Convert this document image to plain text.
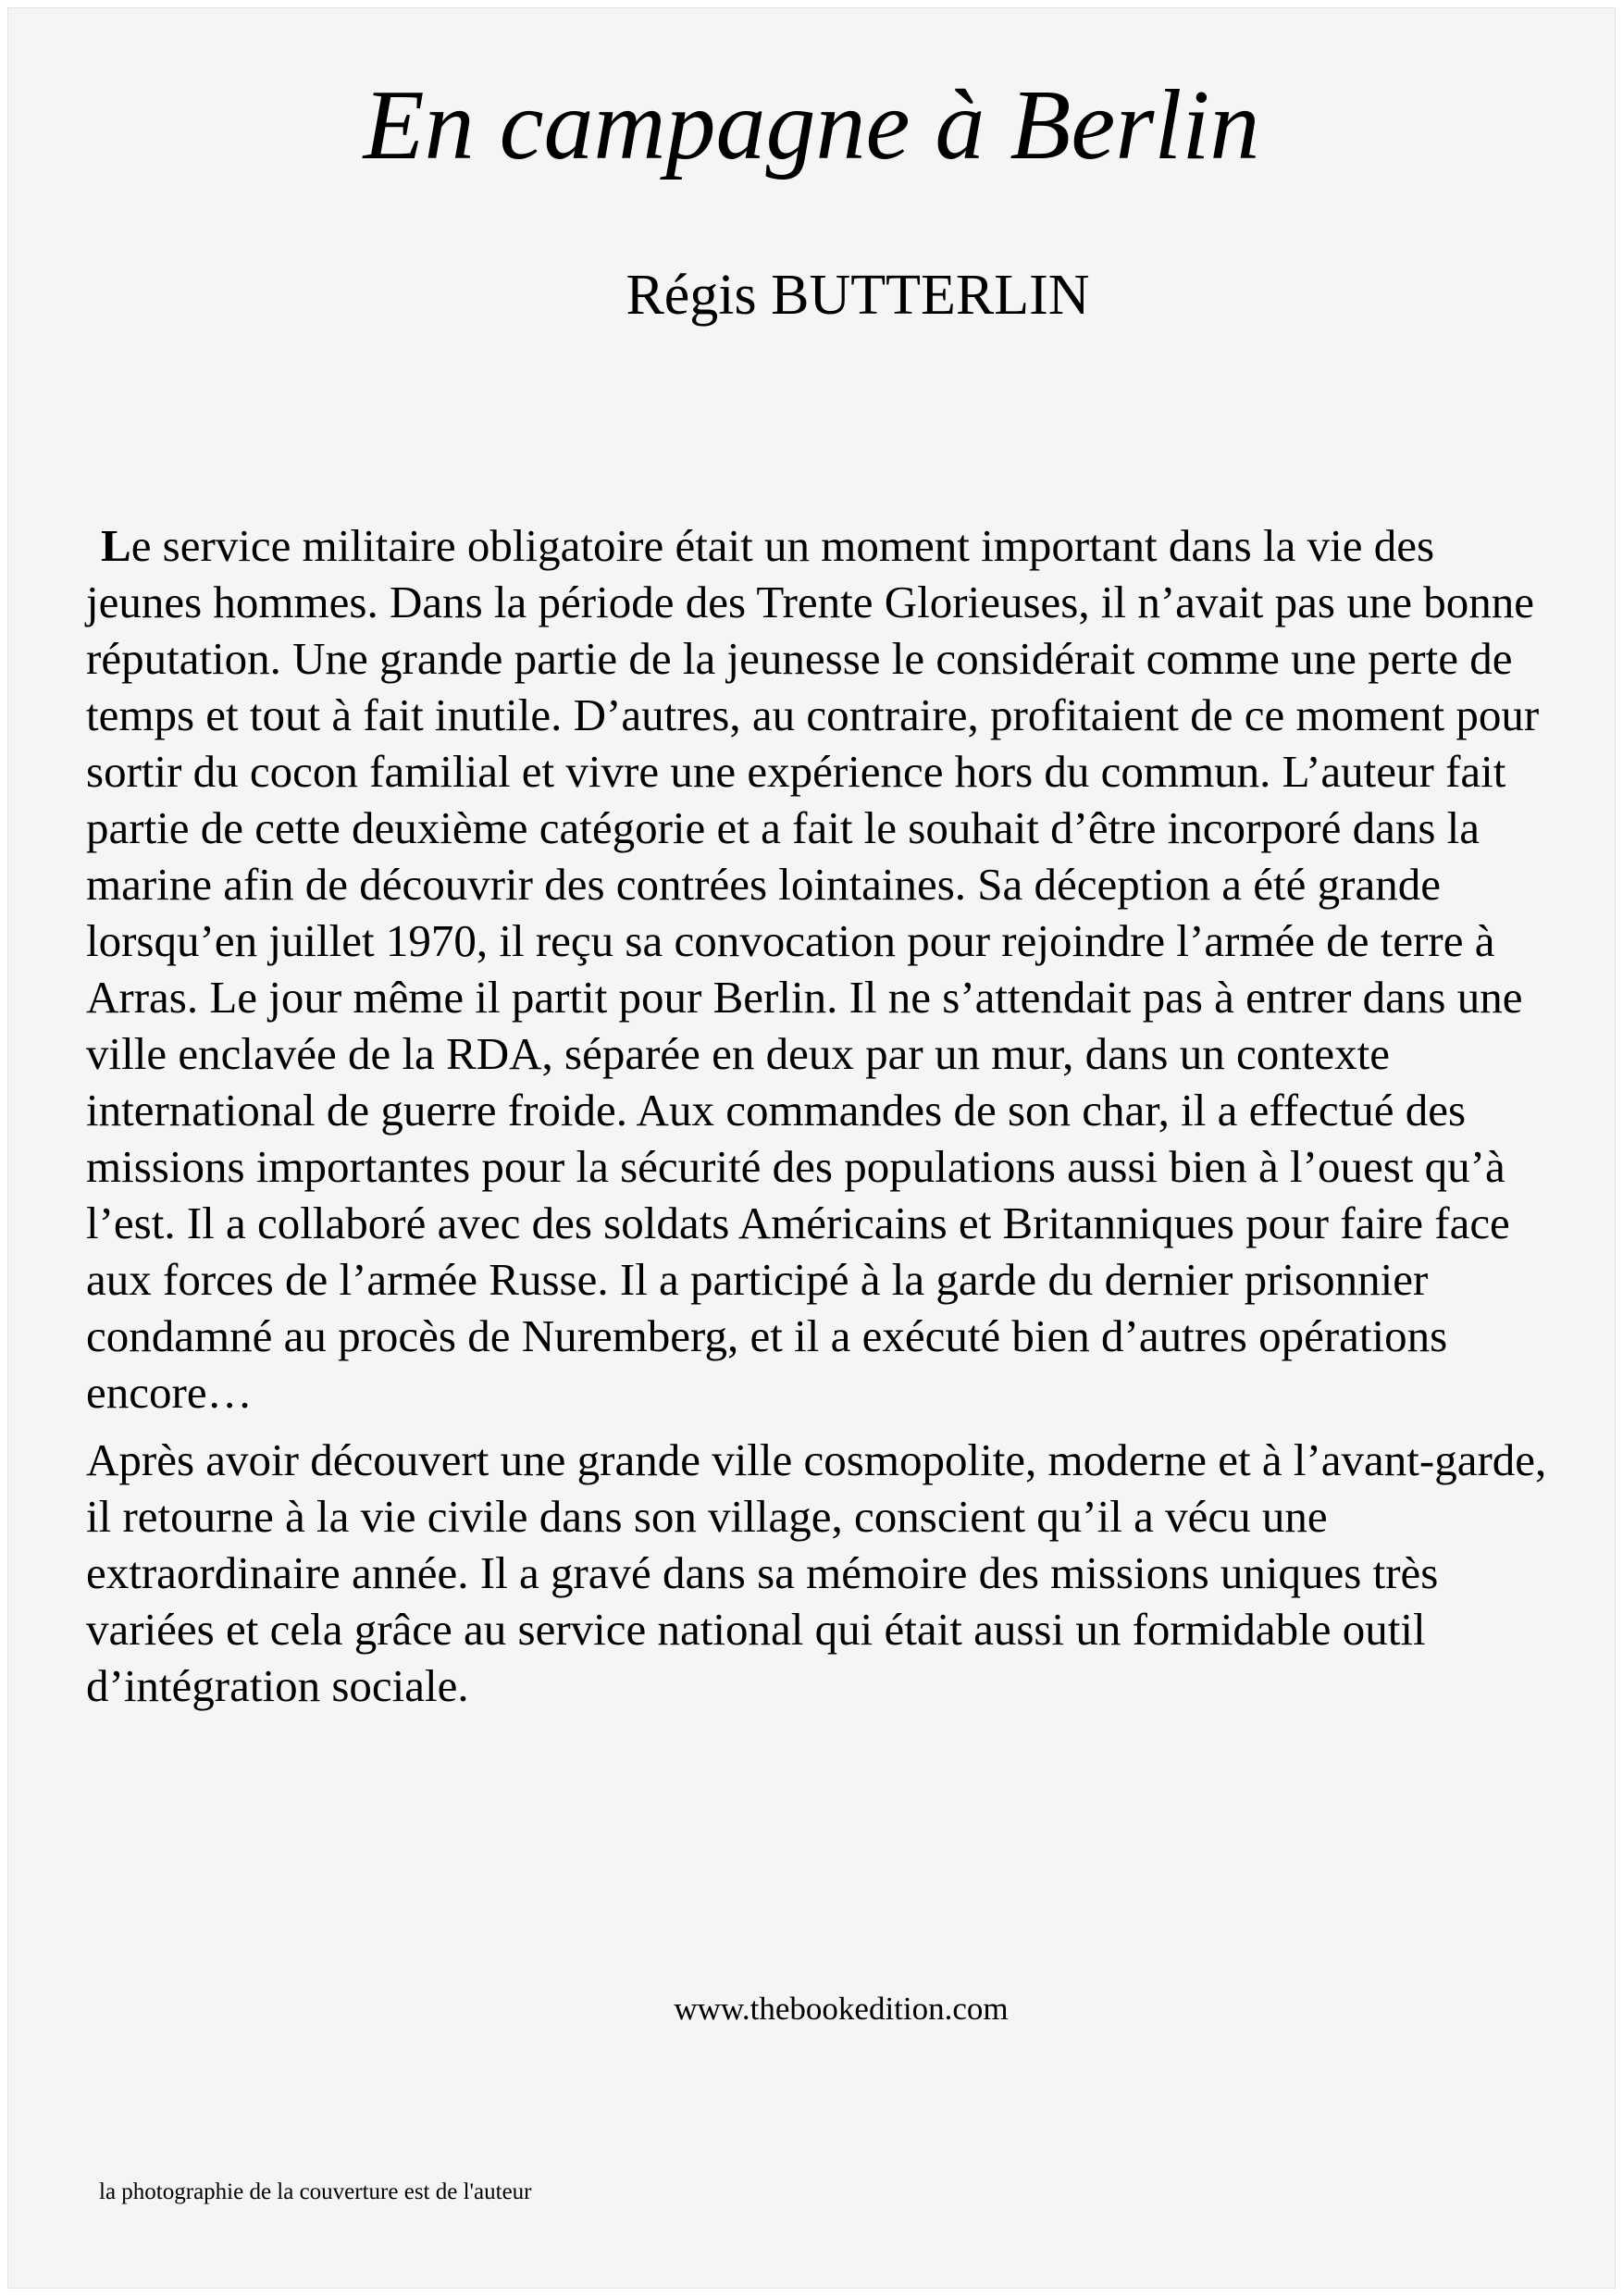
En campagne à Berlin
Régis BUTTERLIN

Le service militaire obligatoire était un moment important dans la vie des jeunes hommes. Dans la période des Trente Glorieuses, il n’avait pas une bonne réputation. Une grande partie de la jeunesse le considérait comme une perte de temps et tout à fait inutile. D’autres, au contraire, profitaient de ce moment pour sortir du cocon familial et vivre une expérience hors du commun. L’auteur fait partie de cette deuxième catégorie et a fait le souhait d’être incorporé dans la marine afin de découvrir des contrées lointaines. Sa déception a été grande lorsqu’en juillet 1970, il reçu sa convocation pour rejoindre l’armée de terre à Arras. Le jour même il partit pour Berlin. Il ne s’attendait pas à entrer dans une ville enclavée de la RDA, séparée en deux par un mur, dans un contexte international de guerre froide. Aux commandes de son char, il a effectué des missions importantes pour la sécurité des populations aussi bien à l’ouest qu’à l’est. Il a collaboré avec des soldats Américains et Britanniques pour faire face aux forces de l’armée Russe. Il a participé à la garde du dernier prisonnier condamné au procès de Nuremberg, et il a exécuté bien d’autres opérations encore…

Après avoir découvert une grande ville cosmopolite, moderne et à l’avant-garde, il retourne à la vie civile dans son village, conscient qu’il a vécu une extraordinaire année. Il a gravé dans sa mémoire des missions uniques très variées et cela grâce au service national qui était aussi un formidable outil d’intégration sociale.

www.thebookedition.com
la photographie de la couverture est de l'auteur
